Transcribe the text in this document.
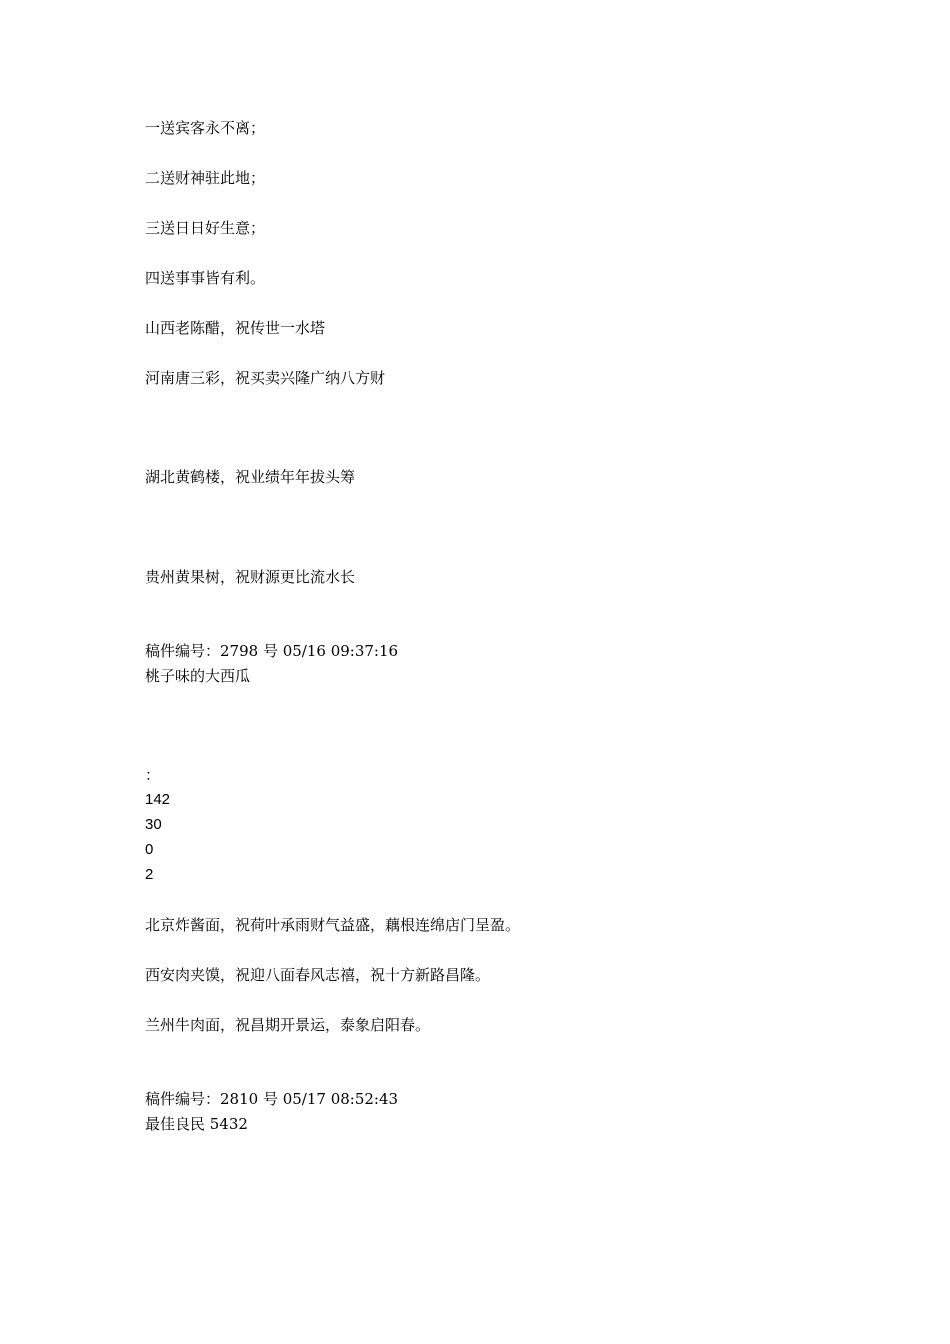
一送宾客永不离；
二送财神驻此地；
三送日日好生意；
四送事事皆有利。
山西老陈醋，祝传世一水塔
河南唐三彩，祝买卖兴隆广纳八方财
湖北黄鹤楼，祝业绩年年拔头筹
贵州黄果树，祝财源更比流水长
稿件编号：2798 号 05/16 09:37:16
桃子味的大西瓜
：
142
30
0
2
北京炸酱面，祝荷叶承雨财气益盛，藕根连绵店门呈盈。
西安肉夹馍，祝迎八面春风志禧，祝十方新路昌隆。
兰州牛肉面，祝昌期开景运，泰象启阳春。
稿件编号：2810 号 05/17 08:52:43
最佳良民 5432
